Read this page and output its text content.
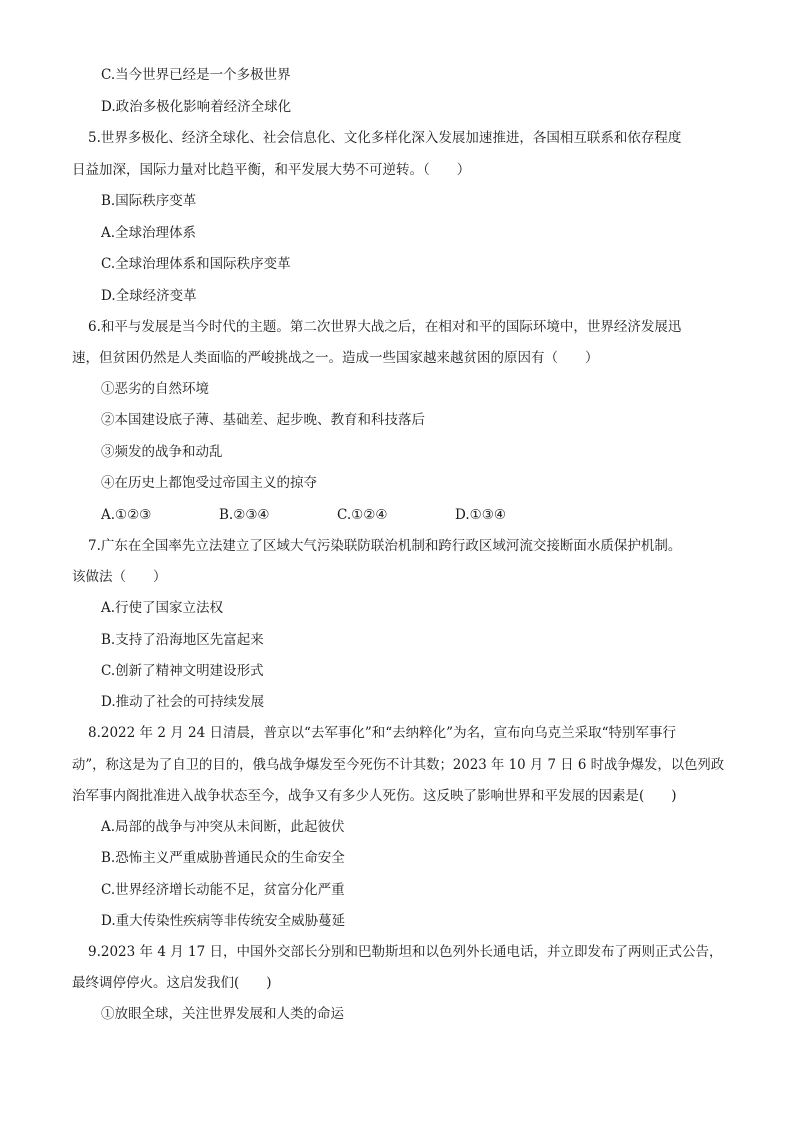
C.当今世界已经是一个多极世界
D.政治多极化影响着经济全球化
5.世界多极化、经济全球化、社会信息化、文化多样化深入发展加速推进，各国相互联系和依存程度
日益加深，国际力量对比趋平衡，和平发展大势不可逆转。（　　）
B.国际秩序变革
A.全球治理体系
C.全球治理体系和国际秩序变革
D.全球经济变革
6.和平与发展是当今时代的主题。第二次世界大战之后，在相对和平的国际环境中，世界经济发展迅
速，但贫困仍然是人类面临的严峻挑战之一。造成一些国家越来越贫困的原因有（　　）
①恶劣的自然环境
②本国建设底子薄、基础差、起步晚、教育和科技落后
③频发的战争和动乱
④在历史上都饱受过帝国主义的掠夺
A.①②③	B.②③④	C.①②④	D.①③④
7.广东在全国率先立法建立了区域大气污染联防联治机制和跨行政区域河流交接断面水质保护机制。
该做法（　　）
A.行使了国家立法权
B.支持了沿海地区先富起来
C.创新了精神文明建设形式
D.推动了社会的可持续发展
8.2022 年 2 月 24 日清晨，普京以“去军事化”和“去纳粹化”为名，宣布向乌克兰采取“特别军事行
动”，称这是为了自卫的目的，俄乌战争爆发至今死伤不计其数；2023 年 10 月 7 日 6 时战争爆发，以色列政
治军事内阁批准进入战争状态至今，战争又有多少人死伤。这反映了影响世界和平发展的因素是(　　)
A.局部的战争与冲突从未间断，此起彼伏
B.恐怖主义严重威胁普通民众的生命安全
C.世界经济增长动能不足，贫富分化严重
D.重大传染性疾病等非传统安全威胁蔓延
9.2023 年 4 月 17 日，中国外交部长分别和巴勒斯坦和以色列外长通电话，并立即发布了两则正式公告，
最终调停停火。这启发我们(　　)
①放眼全球，关注世界发展和人类的命运
